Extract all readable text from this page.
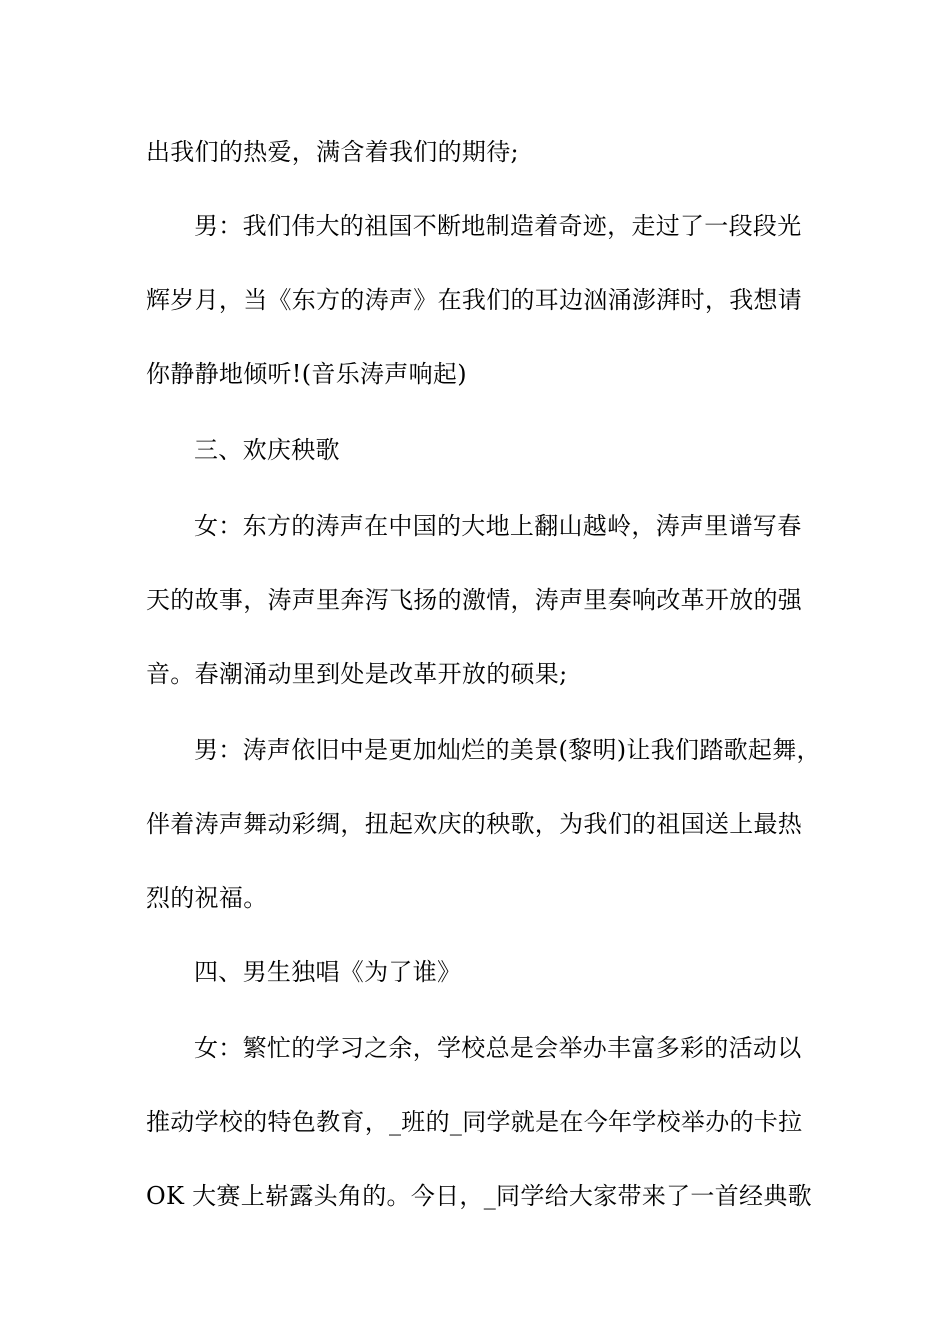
出我们的热爱，满含着我们的期待;
男：我们伟大的祖国不断地制造着奇迹，走过了一段段光
辉岁月，当《东方的涛声》在我们的耳边汹涌澎湃时，我想请
你静静地倾听!(音乐涛声响起)
三、欢庆秧歌
女：东方的涛声在中国的大地上翻山越岭，涛声里谱写春
天的故事，涛声里奔泻飞扬的激情，涛声里奏响改革开放的强
音。春潮涌动里到处是改革开放的硕果;
男：涛声依旧中是更加灿烂的美景(黎明)让我们踏歌起舞，
伴着涛声舞动彩绸，扭起欢庆的秧歌，为我们的祖国送上最热
烈的祝福。
四、男生独唱《为了谁》
女：繁忙的学习之余，学校总是会举办丰富多彩的活动以
推动学校的特色教育，_班的_同学就是在今年学校举办的卡拉
OK 大赛上崭露头角的。今日，_同学给大家带来了一首经典歌
